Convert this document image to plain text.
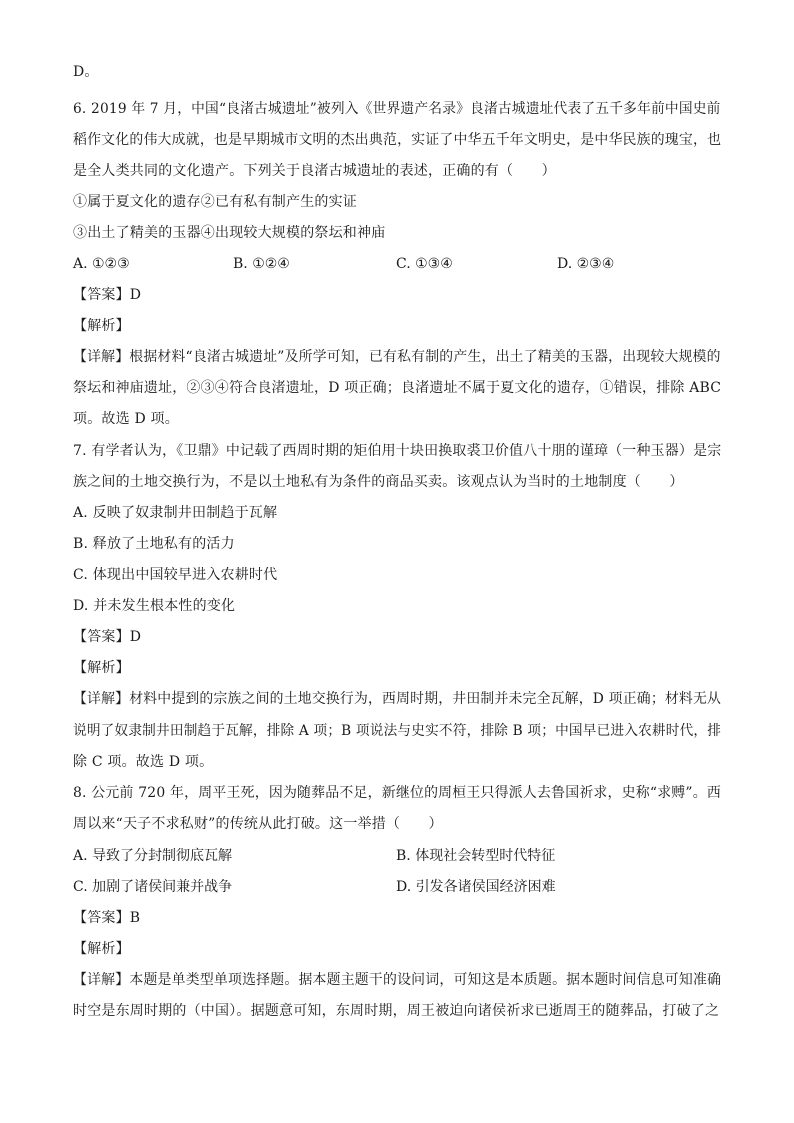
D。
6. 2019 年 7 月，中国“良渚古城遗址”被列入《世界遗产名录》良渚古城遗址代表了五千多年前中国史前
稻作文化的伟大成就，也是早期城市文明的杰出典范，实证了中华五千年文明史，是中华民族的瑰宝，也
是全人类共同的文化遗产。下列关于良渚古城遗址的表述，正确的有（　　）
①属于夏文化的遗存②已有私有制产生的实证
③出土了精美的玉器④出现较大规模的祭坛和神庙
A. ①②③	B. ①②④	C. ①③④	D. ②③④
【答案】D
【解析】
【详解】根据材料“良渚古城遗址”及所学可知，已有私有制的产生，出土了精美的玉器，出现较大规模的
祭坛和神庙遗址，②③④符合良渚遗址，D 项正确；良渚遗址不属于夏文化的遗存，①错误，排除 ABC
项。故选 D 项。
7. 有学者认为，《卫鼎》中记载了西周时期的矩伯用十块田换取裘卫价值八十朋的谨璋（一种玉器）是宗
族之间的土地交换行为，不是以土地私有为条件的商品买卖。该观点认为当时的土地制度（　　）
A. 反映了奴隶制井田制趋于瓦解
B. 释放了土地私有的活力
C. 体现出中国较早进入农耕时代
D. 并未发生根本性的变化
【答案】D
【解析】
【详解】材料中提到的宗族之间的土地交换行为，西周时期，井田制并未完全瓦解，D 项正确；材料无从
说明了奴隶制井田制趋于瓦解，排除 A 项；B 项说法与史实不符，排除 B 项；中国早已进入农耕时代，排
除 C 项。故选 D 项。
8. 公元前 720 年，周平王死，因为随葬品不足，新继位的周桓王只得派人去鲁国祈求，史称“求赙”。西
周以来“天子不求私财”的传统从此打破。这一举措（　　）
A. 导致了分封制彻底瓦解	B. 体现社会转型时代特征
C. 加剧了诸侯间兼并战争	D. 引发各诸侯国经济困难
【答案】B
【解析】
【详解】本题是单类型单项选择题。据本题主题干的设问词，可知这是本质题。据本题时间信息可知准确
时空是东周时期的（中国）。据题意可知，东周时期，周王被迫向诸侯祈求已逝周王的随葬品，打破了之
